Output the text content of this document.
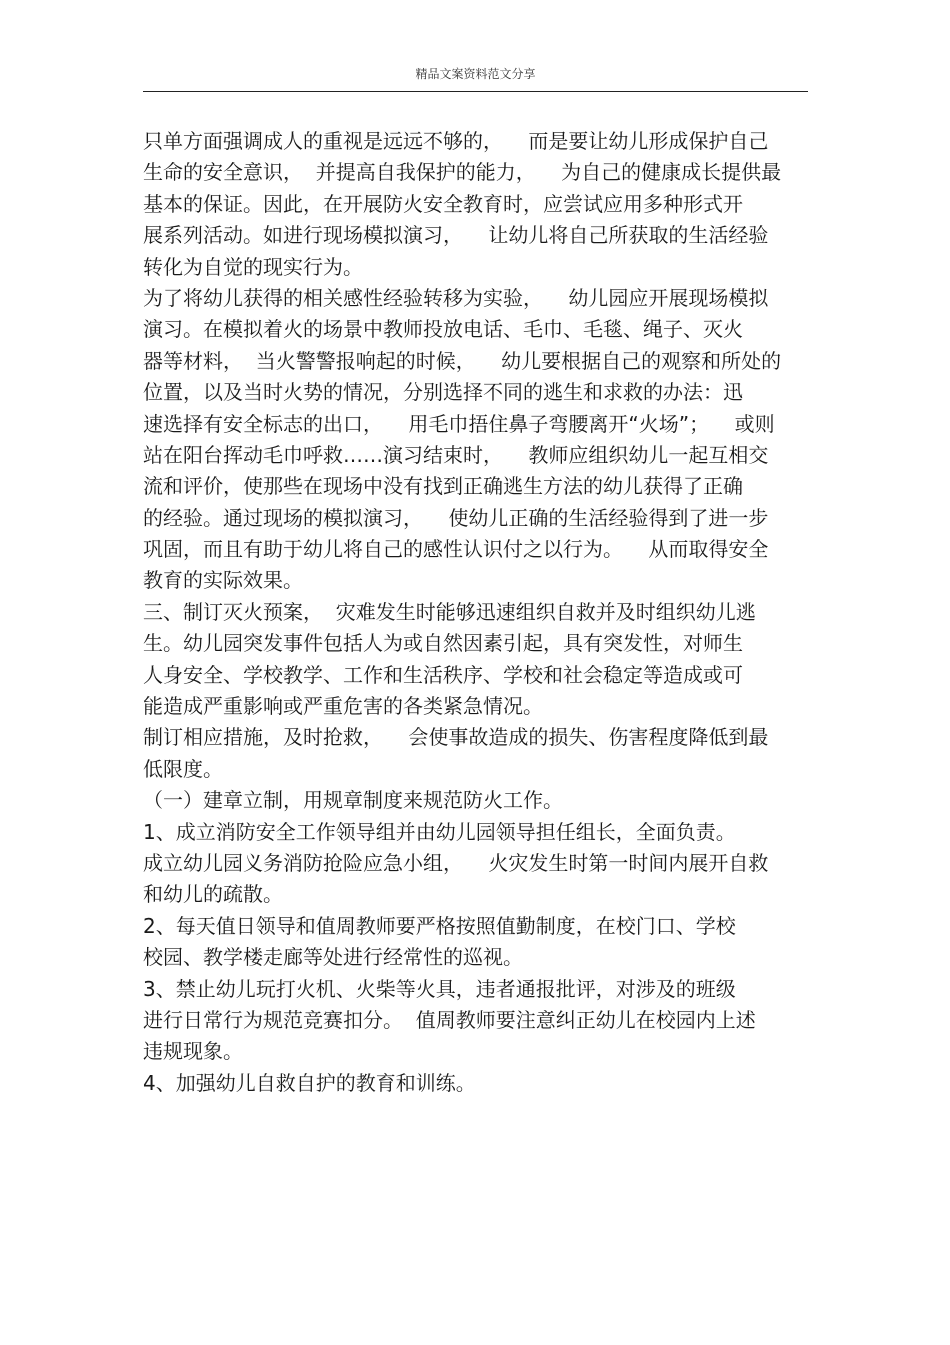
精品文案资料范文分享
只单方面强调成人的重视是远远不够的，    而是要让幼儿形成保护自己
生命的安全意识，  并提高自我保护的能力，    为自己的健康成长提供最
基本的保证。因此，在开展防火安全教育时，应尝试应用多种形式开
展系列活动。如进行现场模拟演习，    让幼儿将自己所获取的生活经验
转化为自觉的现实行为。
为了将幼儿获得的相关感性经验转移为实验，    幼儿园应开展现场模拟
演习。在模拟着火的场景中教师投放电话、毛巾、毛毯、绳子、灭火
器等材料，  当火警警报响起的时候，    幼儿要根据自己的观察和所处的
位置，以及当时火势的情况，分别选择不同的逃生和求救的办法：迅
速选择有安全标志的出口，    用毛巾捂住鼻子弯腰离开“火场”；    或则
站在阳台挥动毛巾呼救……演习结束时，    教师应组织幼儿一起互相交
流和评价，使那些在现场中没有找到正确逃生方法的幼儿获得了正确
的经验。通过现场的模拟演习，    使幼儿正确的生活经验得到了进一步
巩固，而且有助于幼儿将自己的感性认识付之以行为。    从而取得安全
教育的实际效果。
三、制订灭火预案，  灾难发生时能够迅速组织自救并及时组织幼儿逃
生。幼儿园突发事件包括人为或自然因素引起，具有突发性，对师生
人身安全、学校教学、工作和生活秩序、学校和社会稳定等造成或可
能造成严重影响或严重危害的各类紧急情况。
制订相应措施，及时抢救，    会使事故造成的损失、伤害程度降低到最
低限度。
（一）建章立制，用规章制度来规范防火工作。
1、成立消防安全工作领导组并由幼儿园领导担任组长，全面负责。
成立幼儿园义务消防抢险应急小组，    火灾发生时第一时间内展开自救
和幼儿的疏散。
2、每天值日领导和值周教师要严格按照值勤制度，在校门口、学校
校园、教学楼走廊等处进行经常性的巡视。
3、禁止幼儿玩打火机、火柴等火具，违者通报批评，对涉及的班级
进行日常行为规范竞赛扣分。  值周教师要注意纠正幼儿在校园内上述
违规现象。
4、加强幼儿自救自护的教育和训练。
